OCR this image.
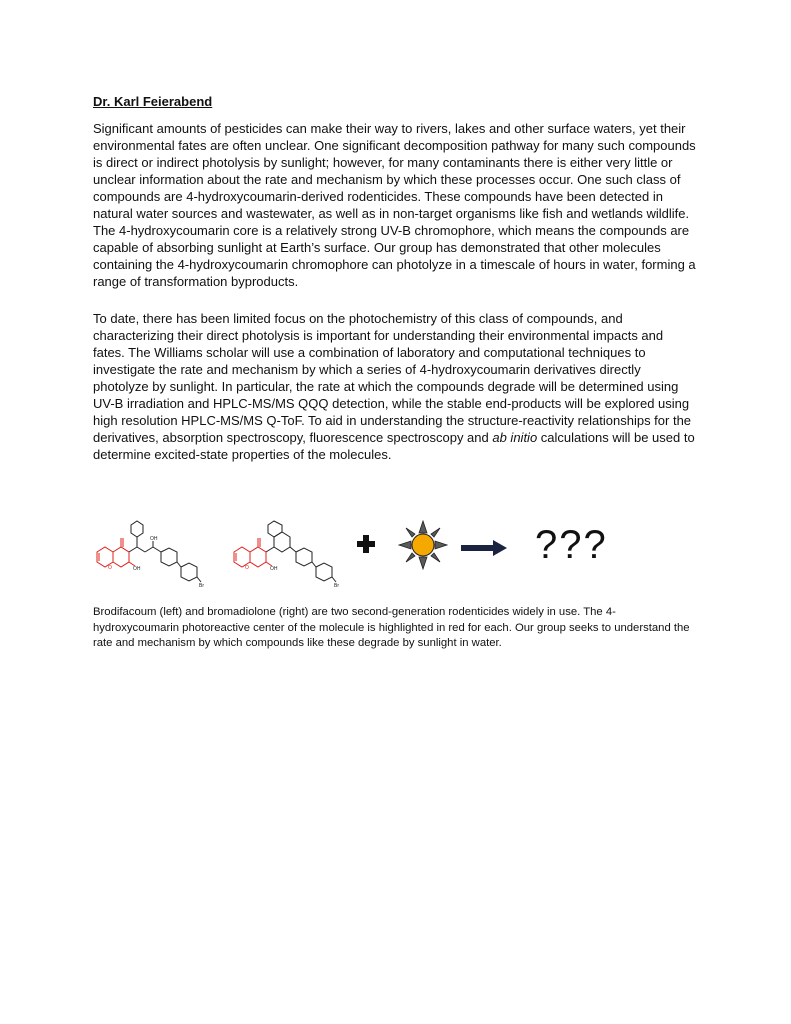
Dr. Karl Feierabend

Significant amounts of pesticides can make their way to rivers, lakes and other surface waters, yet their environmental fates are often unclear. One significant decomposition pathway for many such compounds is direct or indirect photolysis by sunlight; however, for many contaminants there is either very little or unclear information about the rate and mechanism by which these processes occur. One such class of compounds are 4-hydroxycoumarin-derived rodenticides. These compounds have been detected in natural water sources and wastewater, as well as in non-target organisms like fish and wetlands wildlife. The 4-hydroxycoumarin core is a relatively strong UV-B chromophore, which means the compounds are capable of absorbing sunlight at Earth’s surface. Our group has demonstrated that other molecules containing the 4-hydroxycoumarin chromophore can photolyze in a timescale of hours in water, forming a range of transformation byproducts.

To date, there has been limited focus on the photochemistry of this class of compounds, and characterizing their direct photolysis is important for understanding their environmental impacts and fates. The Williams scholar will use a combination of laboratory and computational techniques to investigate the rate and mechanism by which a series of 4-hydroxycoumarin derivatives directly photolyze by sunlight. In particular, the rate at which the compounds degrade will be determined using UV-B irradiation and HPLC-MS/MS QQQ detection, while the stable end-products will be explored using high resolution HPLC-MS/MS Q-ToF. To aid in understanding the structure-reactivity relationships for the derivatives, absorption spectroscopy, fluorescence spectroscopy and ab initio calculations will be used to determine excited-state properties of the molecules.

O	OH
OH
Br
O	OH
Br

???

Brodifacoum (left) and bromadiolone (right) are two second-generation rodenticides widely in use. The 4-hydroxycoumarin photoreactive center of the molecule is highlighted in red for each. Our group seeks to understand the rate and mechanism by which compounds like these degrade by sunlight in water.
